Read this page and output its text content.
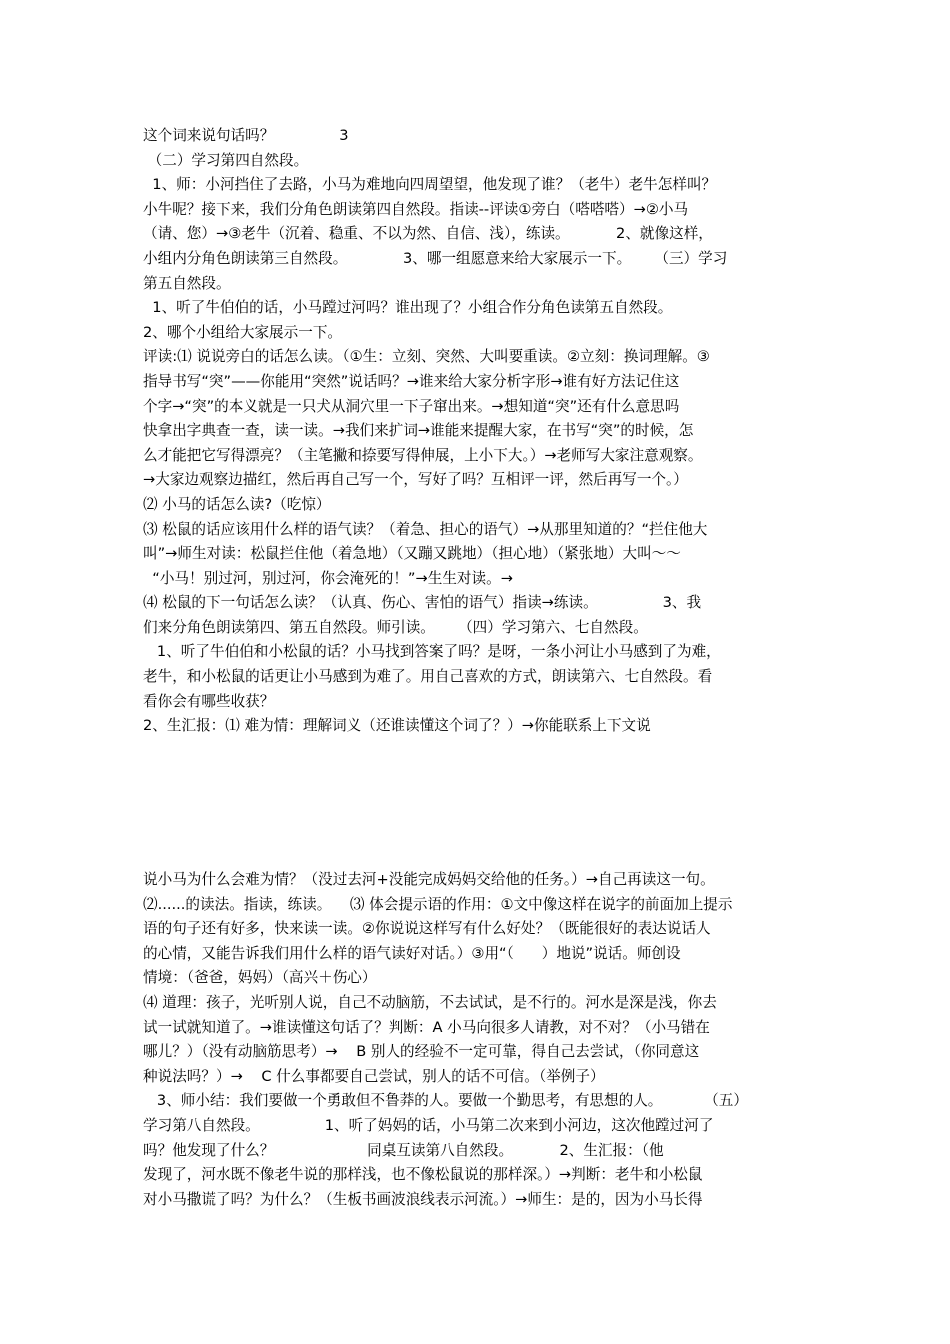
这个词来说句话吗？              3
（二）学习第四自然段。
1、师：小河挡住了去路，小马为难地向四周望望，他发现了谁？（老牛）老牛怎样叫？
小牛呢？接下来，我们分角色朗读第四自然段。指读--评读①旁白（嗒嗒嗒）→②小马
（请、您）→③老牛（沉着、稳重、不以为然、自信、浅），练读。          2、就像这样，
小组内分角色朗读第三自然段。            3、哪一组愿意来给大家展示一下。     （三）学习
第五自然段。
1、听了牛伯伯的话，小马蹚过河吗？谁出现了？小组合作分角色读第五自然段。
2、哪个小组给大家展示一下。
评读:⑴ 说说旁白的话怎么读。（①生：立刻、突然、大叫要重读。②立刻：换词理解。③
指导书写“突”——你能用“突然”说话吗？→谁来给大家分析字形→谁有好方法记住这
个字→“突”的本义就是一只犬从洞穴里一下子窜出来。→想知道“突”还有什么意思吗
快拿出字典查一查，读一读。→我们来扩词→谁能来提醒大家，在书写“突”的时候，怎
么才能把它写得漂亮？（主笔撇和捺要写得伸展，上小下大。）→老师写大家注意观察。
→大家边观察边描红，然后再自己写一个，写好了吗？互相评一评，然后再写一个。）
⑵ 小马的话怎么读?（吃惊）
⑶ 松鼠的话应该用什么样的语气读？（着急、担心的语气）→从那里知道的？“拦住他大
叫”→师生对读：松鼠拦住他（着急地）（又蹦又跳地）（担心地）（紧张地）大叫～～
“小马！别过河，别过河，你会淹死的！”→生生对读。→
⑷ 松鼠的下一句话怎么读？（认真、伤心、害怕的语气）指读→练读。              3、我
们来分角色朗读第四、第五自然段。师引读。     （四）学习第六、七自然段。
1、听了牛伯伯和小松鼠的话？小马找到答案了吗？是呀，一条小河让小马感到了为难，
老牛，和小松鼠的话更让小马感到为难了。用自己喜欢的方式，朗读第六、七自然段。看
看你会有哪些收获？
2、生汇报：⑴ 难为情：理解词义（还谁读懂这个词了？）→你能联系上下文说
说小马为什么会难为情？（没过去河+没能完成妈妈交给他的任务。）→自己再读这一句。
⑵......的读法。指读，练读。    ⑶ 体会提示语的作用：①文中像这样在说字的前面加上提示
语的句子还有好多，快来读一读。②你说说这样写有什么好处？（既能很好的表达说话人
的心情，又能告诉我们用什么样的语气读好对话。）③用“（      ）地说”说话。师创设
情境：（爸爸，妈妈）（高兴＋伤心）
⑷ 道理：孩子，光听别人说，自己不动脑筋，不去试试，是不行的。河水是深是浅，你去
试一试就知道了。→谁读懂这句话了？判断：A 小马向很多人请教，对不对？（小马错在
哪儿？）（没有动脑筋思考）→    B 别人的经验不一定可靠，得自己去尝试，（你同意这
种说法吗？）→    C 什么事都要自己尝试，别人的话不可信。（举例子）
3、师小结：我们要做一个勇敢但不鲁莽的人。要做一个勤思考，有思想的人。         （五）
学习第八自然段。              1、听了妈妈的话，小马第二次来到小河边，这次他蹚过河了
吗？他发现了什么？                    同桌互读第八自然段。          2、生汇报：（他
发现了，河水既不像老牛说的那样浅，也不像松鼠说的那样深。）→判断：老牛和小松鼠
对小马撒谎了吗？为什么？（生板书画波浪线表示河流。）→师生：是的，因为小马长得
